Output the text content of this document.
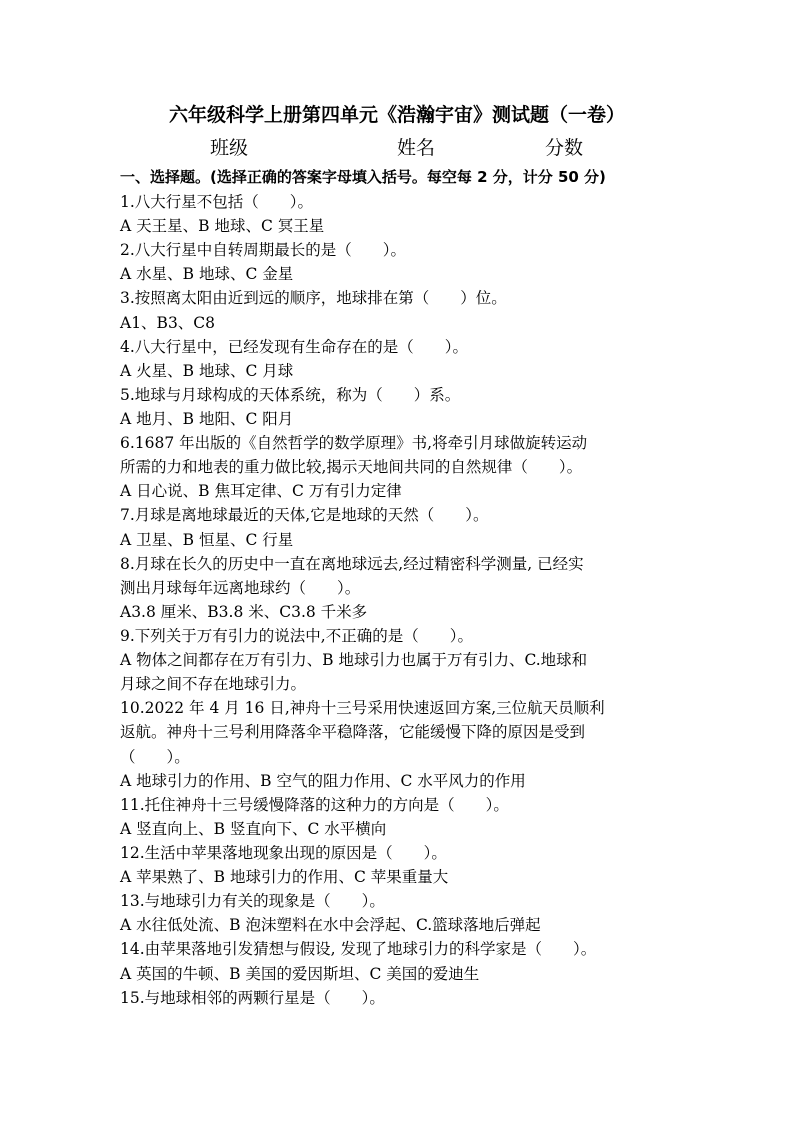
六年级科学上册第四单元《浩瀚宇宙》测试题（一卷）
班级	姓名	分数
一、选择题。(选择正确的答案字母填入括号。每空每 2 分，计分 50 分)
1.八大行星不包括（　　）。
A 天王星、B 地球、C 冥王星
2.八大行星中自转周期最长的是（　　）。
A 水星、B 地球、C 金星
3.按照离太阳由近到远的顺序，地球排在第（　　）位。
A1、B3、C8
4.八大行星中，已经发现有生命存在的是（　　）。
A 火星、B 地球、C 月球
5.地球与月球构成的天体系统，称为（　　）系。
A 地月、B 地阳、C 阳月
6.1687 年出版的《自然哲学的数学原理》书,将牵引月球做旋转运动
所需的力和地表的重力做比较,揭示天地间共同的自然规律（　　）。
A 日心说、B 焦耳定律、C 万有引力定律
7.月球是离地球最近的天体,它是地球的天然（　　）。
A 卫星、B 恒星、C 行星
8.月球在长久的历史中一直在离地球远去,经过精密科学测量, 已经实
测出月球每年远离地球约（　　）。
A3.8 厘米、B3.8 米、C3.8 千米多
9.下列关于万有引力的说法中,不正确的是（　　）。
A 物体之间都存在万有引力、B 地球引力也属于万有引力、C.地球和
月球之间不存在地球引力。
10.2022 年 4 月 16 日,神舟十三号采用快速返回方案,三位航天员顺利
返航。神舟十三号利用降落伞平稳降落，它能缓慢下降的原因是受到
（　　）。
A 地球引力的作用、B 空气的阻力作用、C 水平风力的作用
11.托住神舟十三号缓慢降落的这种力的方向是（　　）。
A 竖直向上、B 竖直向下、C 水平横向
12.生活中苹果落地现象出现的原因是（　　）。
A 苹果熟了、B 地球引力的作用、C 苹果重量大
13.与地球引力有关的现象是（　　）。
A 水往低处流、B 泡沫塑料在水中会浮起、C.篮球落地后弹起
14.由苹果落地引发猜想与假设, 发现了地球引力的科学家是（　　）。
A 英国的牛顿、B 美国的爱因斯坦、C 美国的爱迪生
15.与地球相邻的两颗行星是（　　）。
